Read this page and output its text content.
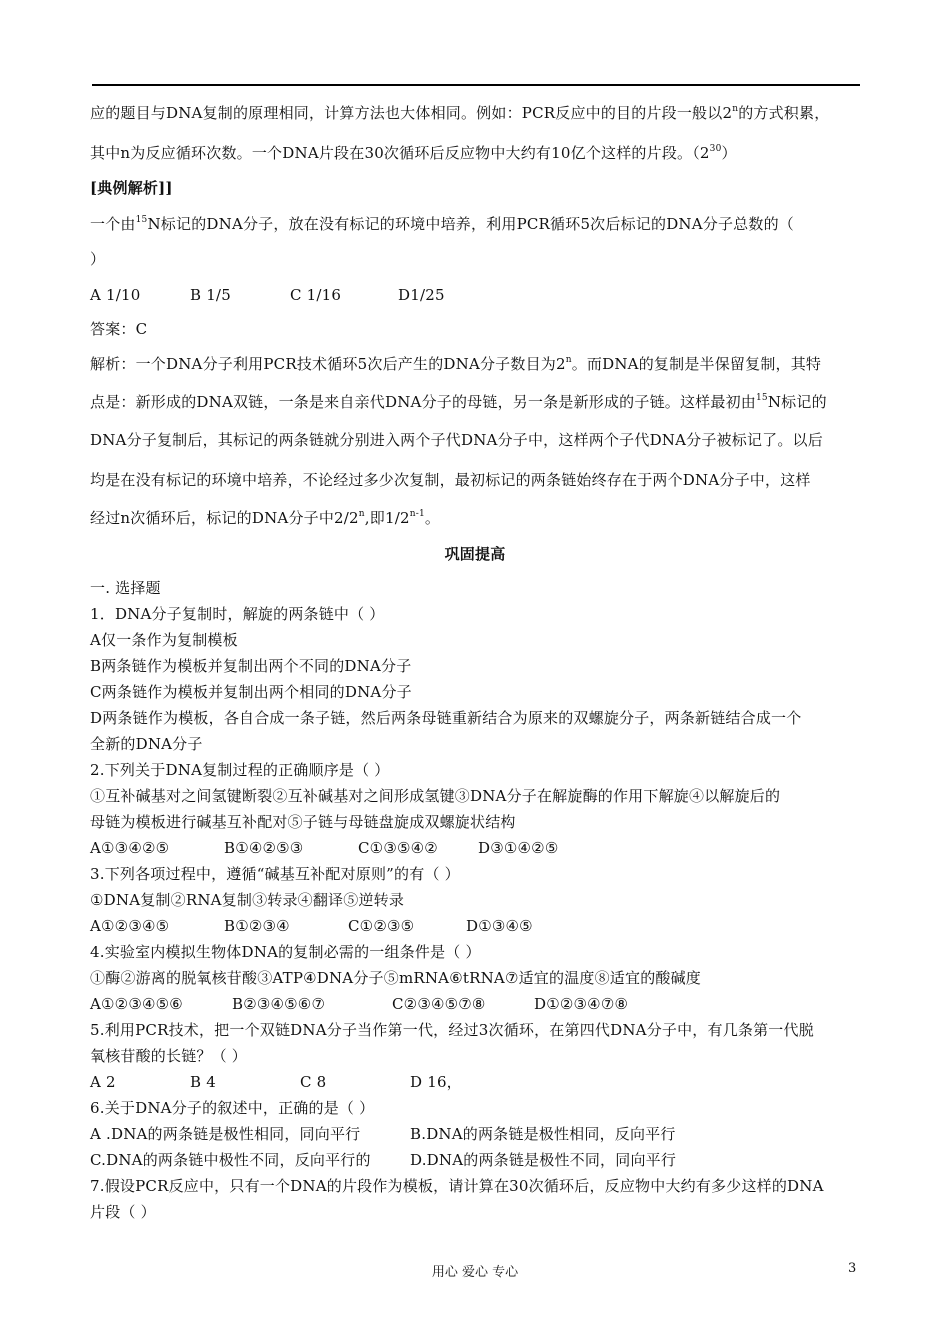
应的题目与DNA复制的原理相同，计算方法也大体相同。例如：PCR反应中的目的片段一般以2$^n$的方式积累，
其中n为反应循环次数。一个DNA片段在30次循环后反应物中大约有10亿个这样的片段。$(2^{30})$
[典例解析]]
一个由$^{15}$N标记的DNA分子，放在没有标记的环境中培养，利用PCR循环5次后标记的DNA分子总数的（
）
A 1/10	B 1/5	C 1/16	D1/25
答案：C
解析：一个DNA分子利用PCR技术循环5次后产生的DNA分子数目为2$^n$。而DNA的复制是半保留复制，其特
点是：新形成的DNA双链，一条是来自亲代DNA分子的母链，另一条是新形成的子链。这样最初由$^{15}$N标记的
DNA分子复制后，其标记的两条链就分别进入两个子代DNA分子中，这样两个子代DNA分子被标记了。以后
均是在没有标记的环境中培养，不论经过多少次复制，最初标记的两条链始终存在于两个DNA分子中，这样
经过n次循环后，标记的DNA分子中2/2$^n$,即1/2$^{n-1}$。
巩固提高
一. 选择题
1．DNA分子复制时，解旋的两条链中（ ）
A仅一条作为复制模板
B两条链作为模板并复制出两个不同的DNA分子
C两条链作为模板并复制出两个相同的DNA分子
D两条链作为模板，各自合成一条子链，然后两条母链重新结合为原来的双螺旋分子，两条新链结合成一个
全新的DNA分子
2.下列关于DNA复制过程的正确顺序是（ ）
①互补碱基对之间氢键断裂②互补碱基对之间形成氢键③DNA分子在解旋酶的作用下解旋④以解旋后的
母链为模板进行碱基互补配对⑤子链与母链盘旋成双螺旋状结构
A①③④②⑤	B①④②⑤③	C①③⑤④②	D③①④②⑤
3.下列各项过程中，遵循“碱基互补配对原则”的有（ ）
①DNA复制②RNA复制③转录④翻译⑤逆转录
A①②③④⑤	B①②③④	C①②③⑤	D①③④⑤
4.实验室内模拟生物体DNA的复制必需的一组条件是（ ）
①酶②游离的脱氧核苷酸③ATP④DNA分子⑤mRNA⑥tRNA⑦适宜的温度⑧适宜的酸碱度
A①②③④⑤⑥	B②③④⑤⑥⑦	C②③④⑤⑦⑧	D①②③④⑦⑧
5.利用PCR技术，把一个双链DNA分子当作第一代，经过3次循环，在第四代DNA分子中，有几条第一代脱
氧核苷酸的长链？（ ）
A 2	B 4	C 8	D 16，
6.关于DNA分子的叙述中，正确的是（ ）
A .DNA的两条链是极性相同，同向平行	B.DNA的两条链是极性相同，反向平行
C.DNA的两条链中极性不同，反向平行的	D.DNA的两条链是极性不同，同向平行
7.假设PCR反应中，只有一个DNA的片段作为模板，请计算在30次循环后，反应物中大约有多少这样的DNA
片段（ ）
用心 爱心 专心	3
